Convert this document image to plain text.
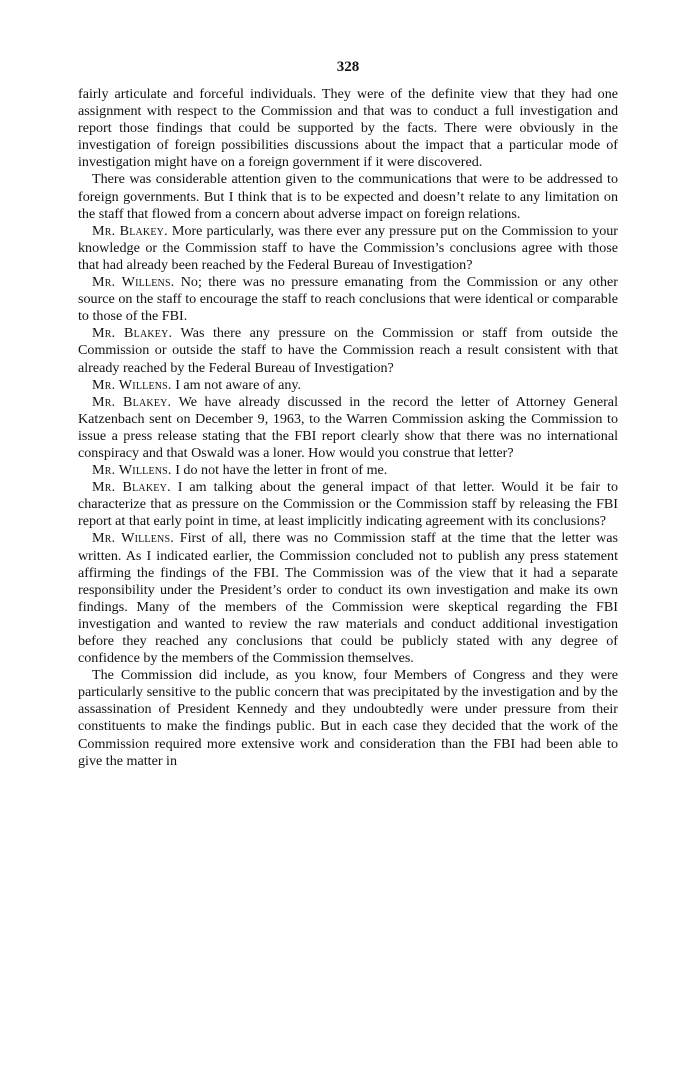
328

fairly articulate and forceful individuals. They were of the definite view that they had one assignment with respect to the Commission and that was to conduct a full investigation and report those findings that could be supported by the facts. There were obviously in the investigation of foreign possibilities discussions about the impact that a particular mode of investigation might have on a foreign government if it were discovered.

There was considerable attention given to the communications that were to be addressed to foreign governments. But I think that is to be expected and doesn’t relate to any limitation on the staff that flowed from a concern about adverse impact on foreign relations.

Mr. Blakey. More particularly, was there ever any pressure put on the Commission to your knowledge or the Commission staff to have the Commission’s conclusions agree with those that had already been reached by the Federal Bureau of Investigation?

Mr. Willens. No; there was no pressure emanating from the Commission or any other source on the staff to encourage the staff to reach conclusions that were identical or comparable to those of the FBI.

Mr. Blakey. Was there any pressure on the Commission or staff from outside the Commission or outside the staff to have the Commission reach a result consistent with that already reached by the Federal Bureau of Investigation?

Mr. Willens. I am not aware of any.

Mr. Blakey. We have already discussed in the record the letter of Attorney General Katzenbach sent on December 9, 1963, to the Warren Commission asking the Commission to issue a press release stating that the FBI report clearly show that there was no international conspiracy and that Oswald was a loner. How would you construe that letter?

Mr. Willens. I do not have the letter in front of me.

Mr. Blakey. I am talking about the general impact of that letter. Would it be fair to characterize that as pressure on the Commission or the Commission staff by releasing the FBI report at that early point in time, at least implicitly indicating agreement with its conclusions?

Mr. Willens. First of all, there was no Commission staff at the time that the letter was written. As I indicated earlier, the Commission concluded not to publish any press statement affirming the findings of the FBI. The Commission was of the view that it had a separate responsibility under the President’s order to conduct its own investigation and make its own findings. Many of the members of the Commission were skeptical regarding the FBI investigation and wanted to review the raw materials and conduct additional investigation before they reached any conclusions that could be publicly stated with any degree of confidence by the members of the Commission themselves.

The Commission did include, as you know, four Members of Congress and they were particularly sensitive to the public concern that was precipitated by the investigation and by the assassination of President Kennedy and they undoubtedly were under pressure from their constituents to make the findings public. But in each case they decided that the work of the Commission required more extensive work and consideration than the FBI had been able to give the matter in
